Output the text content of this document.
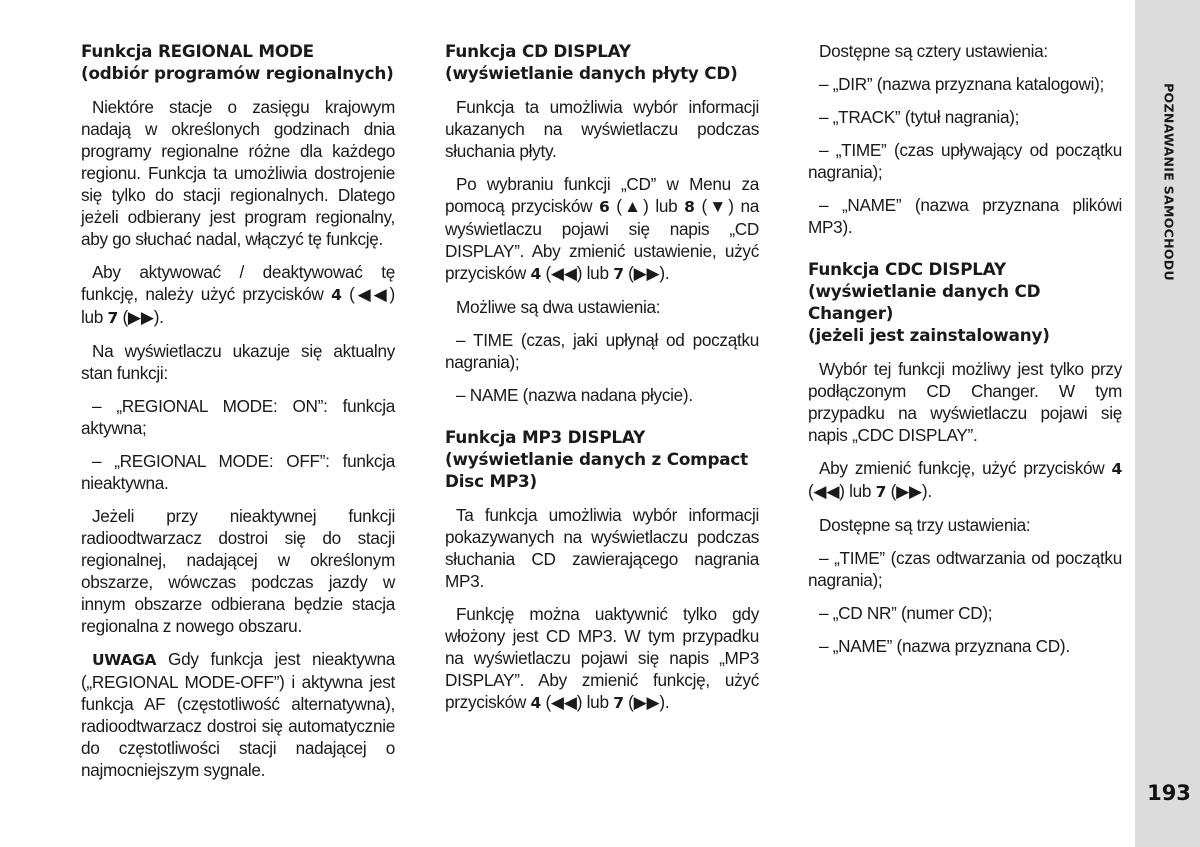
POZNAWANIE SAMOCHODU
193
Funkcja REGIONAL MODE
(odbiór programów regionalnych)

Niektóre stacje o zasięgu krajowym nadają w określonych godzinach dnia programy regionalne różne dla każdego regionu. Funkcja ta umożliwia dostrojenie się tylko do stacji regionalnych. Dlatego jeżeli odbierany jest program regionalny, aby go słuchać nadal, włączyć tę funkcję.

Aby aktywować / deaktywować tę funkcję, należy użyć przycisków 4 (◀◀) lub 7 (▶▶).

Na wyświetlaczu ukazuje się aktualny stan funkcji:

– „REGIONAL MODE: ON”: funkcja aktywna;

– „REGIONAL MODE: OFF”: funkcja nieaktywna.

Jeżeli przy nieaktywnej funkcji radioodtwarzacz dostroi się do stacji regionalnej, nadającej w określonym obszarze, wówczas podczas jazdy w innym obszarze odbierana będzie stacja regionalna z nowego obszaru.

UWAGA Gdy funkcja jest nieaktywna („REGIONAL MODE-OFF”) i aktywna jest funkcja AF (częstotliwość alternatywna), radioodtwarzacz dostroi się automatycznie do częstotliwości stacji nadającej o najmocniejszym sygnale.

Funkcja CD DISPLAY
(wyświetlanie danych płyty CD)

Funkcja ta umożliwia wybór informacji ukazanych na wyświetlaczu podczas słuchania płyty.

Po wybraniu funkcji „CD” w Menu za pomocą przycisków 6 (▲) lub 8 (▼) na wyświetlaczu pojawi się napis „CD DISPLAY”. Aby zmienić ustawienie, użyć przycisków 4 (◀◀) lub 7 (▶▶).

Możliwe są dwa ustawienia:

– TIME (czas, jaki upłynął od początku nagrania);

– NAME (nazwa nadana płycie).

Funkcja MP3 DISPLAY
(wyświetlanie danych z Compact
Disc MP3)

Ta funkcja umożliwia wybór informacji pokazywanych na wyświetlaczu podczas słuchania CD zawierającego nagrania MP3.

Funkcję można uaktywnić tylko gdy włożony jest CD MP3. W tym przypadku na wyświetlaczu pojawi się napis „MP3 DISPLAY”. Aby zmienić funkcję, użyć przycisków 4 (◀◀) lub 7 (▶▶).

Dostępne są cztery ustawienia:

– „DIR” (nazwa przyznana katalogowi);

– „TRACK” (tytuł nagrania);

– „TIME” (czas upływający od początku nagrania);

– „NAME” (nazwa przyznana plikówi MP3).

Funkcja CDC DISPLAY
(wyświetlanie danych CD Changer)
(jeżeli jest zainstalowany)

Wybór tej funkcji możliwy jest tylko przy podłączonym CD Changer. W tym przypadku na wyświetlaczu pojawi się napis „CDC DISPLAY”.

Aby zmienić funkcję, użyć przycisków 4 (◀◀) lub 7 (▶▶).

Dostępne są trzy ustawienia:

– „TIME” (czas odtwarzania od początku nagrania);

– „CD NR” (numer CD);

– „NAME” (nazwa przyznana CD).
